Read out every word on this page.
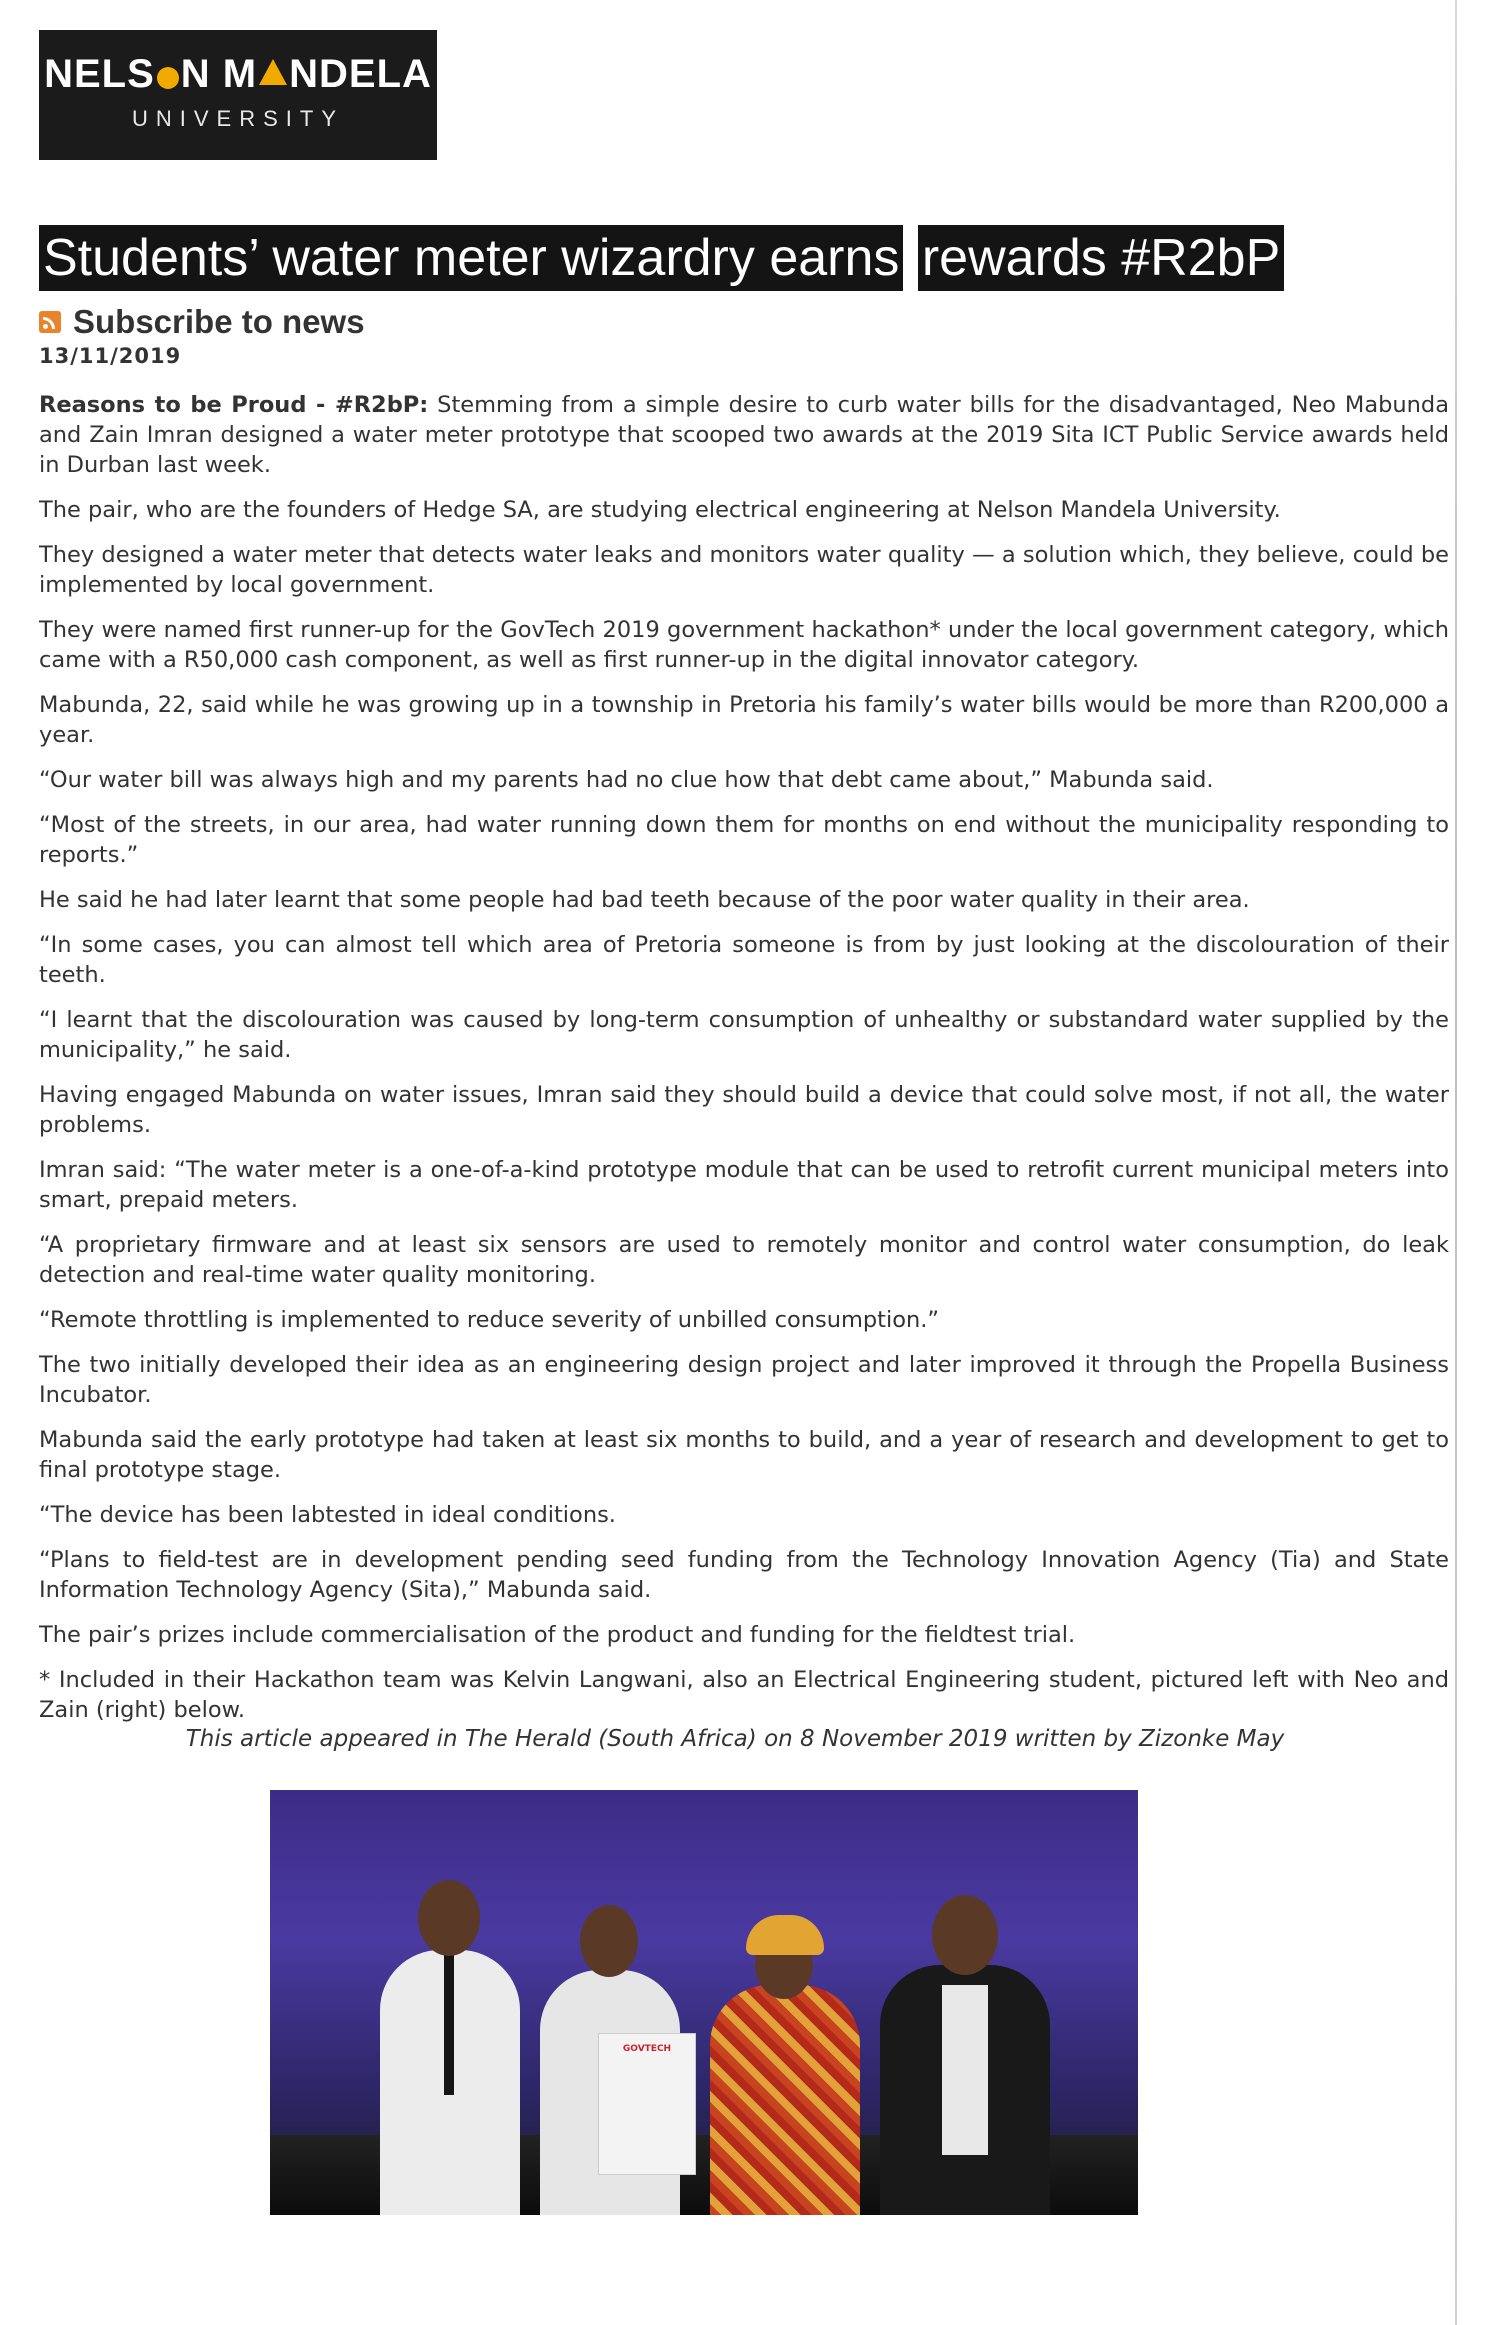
NELS N M NDELA
UNIVERSITY
Students’ water meter wizardry earns rewards #R2bP
Subscribe to news
13/11/2019

Reasons to be Proud - #R2bP: Stemming from a simple desire to curb water bills for the disadvantaged, Neo Mabunda and Zain Imran designed a water meter prototype that scooped two awards at the 2019 Sita ICT Public Service awards held in Durban last week.

The pair, who are the founders of Hedge SA, are studying electrical engineering at Nelson Mandela University.

They designed a water meter that detects water leaks and monitors water quality — a solution which, they believe, could be implemented by local government.

They were named first runner-up for the GovTech 2019 government hackathon* under the local government category, which came with a R50,000 cash component, as well as first runner-up in the digital innovator category.

Mabunda, 22, said while he was growing up in a township in Pretoria his family’s water bills would be more than R200,000 a year.

“Our water bill was always high and my parents had no clue how that debt came about,” Mabunda said.

“Most of the streets, in our area, had water running down them for months on end without the municipality responding to reports.”

He said he had later learnt that some people had bad teeth because of the poor water quality in their area.

“In some cases, you can almost tell which area of Pretoria someone is from by just looking at the discolouration of their teeth.

“I learnt that the discolouration was caused by long-term consumption of unhealthy or substandard water supplied by the municipality,” he said.

Having engaged Mabunda on water issues, Imran said they should build a device that could solve most, if not all, the water problems.

Imran said: “The water meter is a one-of-a-kind prototype module that can be used to retrofit current municipal meters into smart, prepaid meters.

“A proprietary firmware and at least six sensors are used to remotely monitor and control water consumption, do leak detection and real-time water quality monitoring.

“Remote throttling is implemented to reduce severity of unbilled consumption.”

The two initially developed their idea as an engineering design project and later improved it through the Propella Business Incubator.

Mabunda said the early prototype had taken at least six months to build, and a year of research and development to get to final prototype stage.

“The device has been labtested in ideal conditions.

“Plans to field-test are in development pending seed funding from the Technology Innovation Agency (Tia) and State Information Technology Agency (Sita),” Mabunda said.

The pair’s prizes include commercialisation of the product and funding for the fieldtest trial.

* Included in their Hackathon team was Kelvin Langwani, also an Electrical Engineering student, pictured left with Neo and Zain (right) below.

This article appeared in The Herald (South Africa) on 8 November 2019 written by Zizonke May
GOVTECH
